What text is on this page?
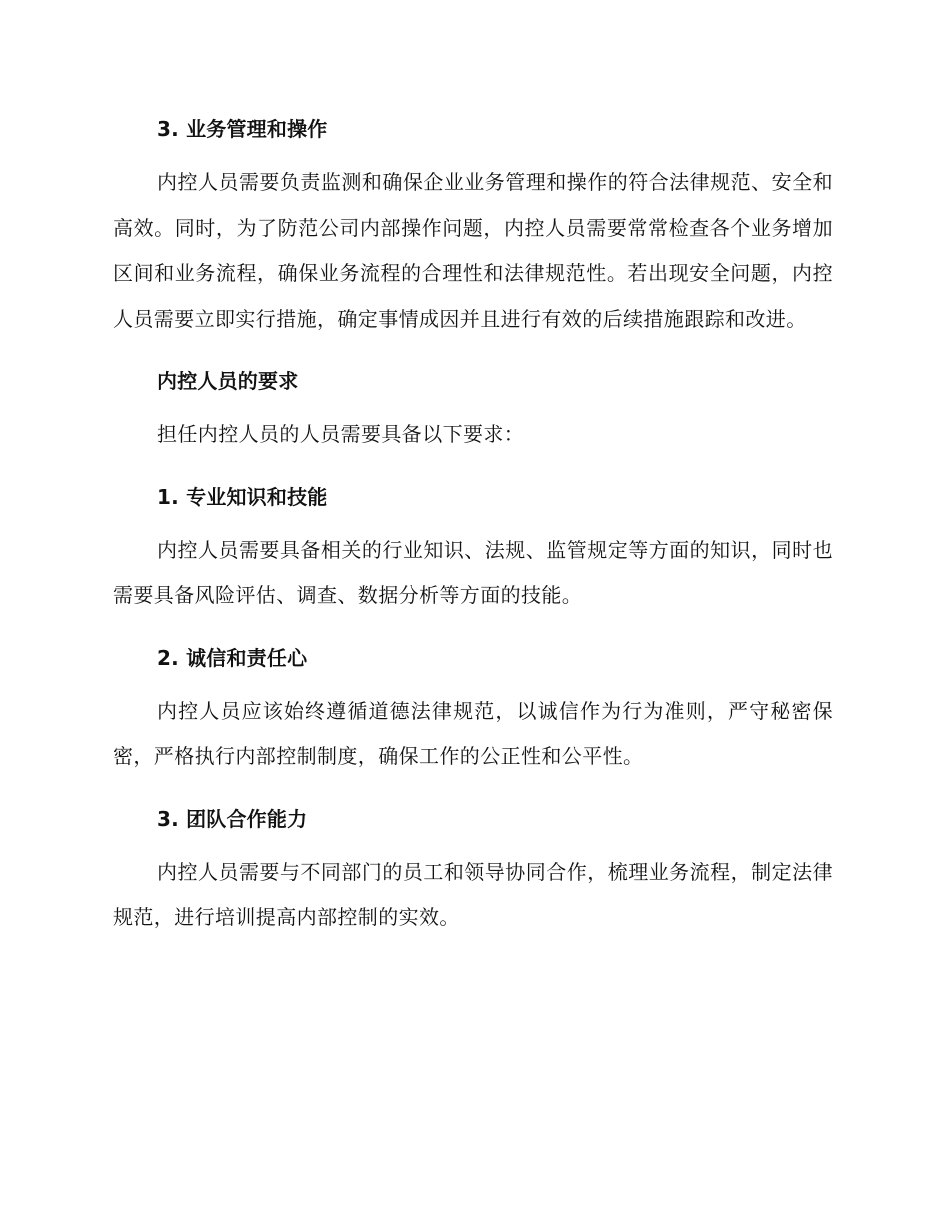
3. 业务管理和操作

内控人员需要负责监测和确保企业业务管理和操作的符合法律规范、安全和高效。同时，为了防范公司内部操作问题，内控人员需要常常检查各个业务增加区间和业务流程，确保业务流程的合理性和法律规范性。若出现安全问题，内控人员需要立即实行措施，确定事情成因并且进行有效的后续措施跟踪和改进。

内控人员的要求

担任内控人员的人员需要具备以下要求：

1. 专业知识和技能

内控人员需要具备相关的行业知识、法规、监管规定等方面的知识，同时也需要具备风险评估、调查、数据分析等方面的技能。

2. 诚信和责任心

内控人员应该始终遵循道德法律规范，以诚信作为行为准则，严守秘密保密，严格执行内部控制制度，确保工作的公正性和公平性。

3. 团队合作能力

内控人员需要与不同部门的员工和领导协同合作，梳理业务流程，制定法律规范，进行培训提高内部控制的实效。
